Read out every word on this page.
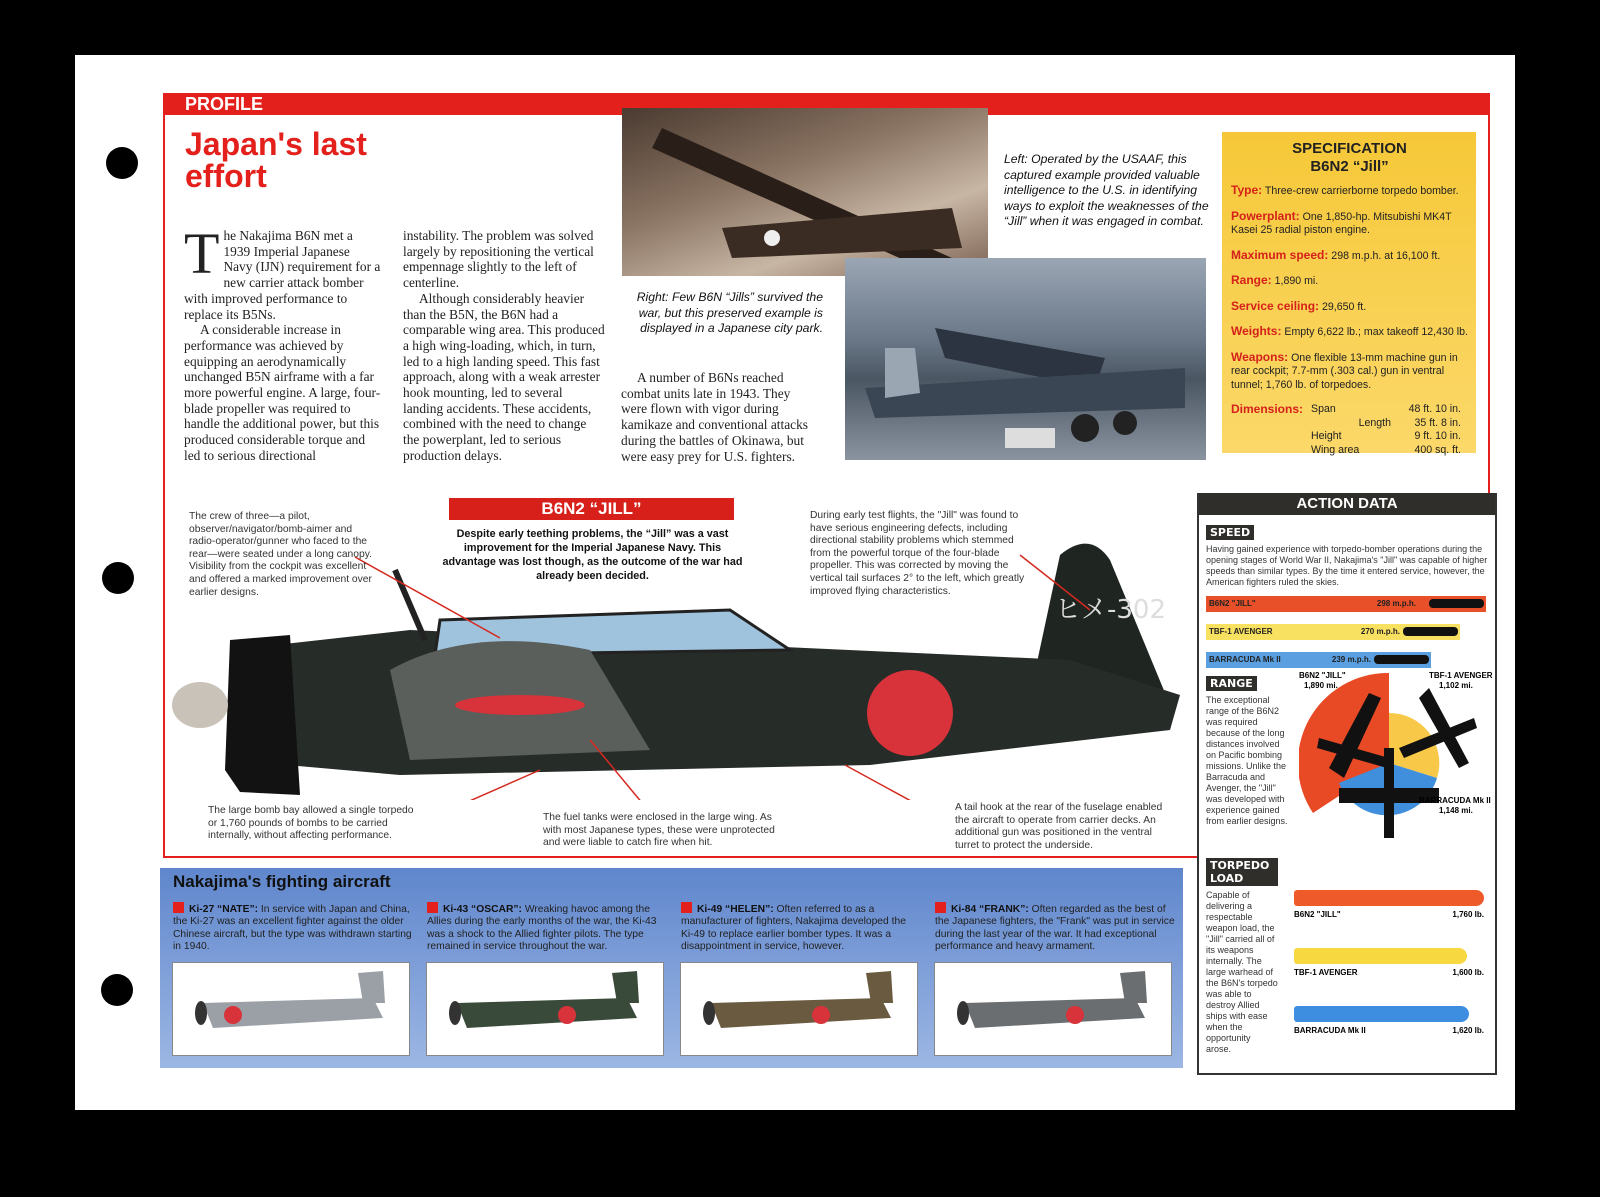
PROFILE
Japan's last
effort
The Nakajima B6N met a 1939 Imperial Japanese Navy (IJN) requirement for a new carrier attack bomber with improved performance to replace its B5Ns.

A considerable increase in performance was achieved by equipping an aerodynamically unchanged B5N airframe with a far more powerful engine. A large, four-blade propeller was required to handle the additional power, but this produced considerable torque and led to serious directional

instability. The problem was solved largely by repositioning the vertical empennage slightly to the left of centerline.

Although considerably heavier than the B5N, the B6N had a comparable wing area. This produced a high wing-loading, which, in turn, led to a high landing speed. This fast approach, along with a weak arrester hook mounting, led to several landing accidents. These accidents, combined with the need to change the powerplant, led to serious production delays.

A number of B6Ns reached combat units late in 1943. They were flown with vigor during kamikaze and conventional attacks during the battles of Okinawa, but were easy prey for U.S. fighters.

Left: Operated by the USAAF, this captured example provided valuable intelligence to the U.S. in identifying ways to exploit the weaknesses of the “Jill” when it was engaged in combat.
Right: Few B6N “Jills” survived the war, but this preserved example is displayed in a Japanese city park.
SPECIFICATION
B6N2 “Jill”
Type: Three-crew carrierborne torpedo bomber.
Powerplant: One 1,850-hp. Mitsubishi MK4T Kasei 25 radial piston engine.
Maximum speed: 298 m.p.h. at 16,100 ft.
Range: 1,890 mi.
Service ceiling: 29,650 ft.
Weights: Empty 6,622 lb.; max takeoff 12,430 lb.
Weapons: One flexible 13-mm machine gun in rear cockpit; 7.7-mm (.303 cal.) gun in ventral tunnel; 1,760 lb. of torpedoes.
Dimensions: Span	48 ft. 10 in.
Length	35 ft. 8 in.
Height	9 ft. 10 in.
Wing area	400 sq. ft.
B6N2 “JILL”
Despite early teething problems, the “Jill” was a vast improvement for the Imperial Japanese Navy. This advantage was lost though, as the outcome of the war had already been decided.
ヒメ-302
The crew of three—a pilot, observer/navigator/bomb-aimer and radio-operator/gunner who faced to the rear—were seated under a long canopy. Visibility from the cockpit was excellent and offered a marked improvement over earlier designs.
During early test flights, the "Jill" was found to have serious engineering defects, including directional stability problems which stemmed from the powerful torque of the four-blade propeller. This was corrected by moving the vertical tail surfaces 2° to the left, which greatly improved flying characteristics.
The large bomb bay allowed a single torpedo or 1,760 pounds of bombs to be carried internally, without affecting performance.
The fuel tanks were enclosed in the large wing. As with most Japanese types, these were unprotected and were liable to catch fire when hit.
A tail hook at the rear of the fuselage enabled the aircraft to operate from carrier decks. An additional gun was positioned in the ventral turret to protect the underside.
Nakajima's fighting aircraft
Ki-27 “NATE”: In service with Japan and China, the Ki-27 was an excellent fighter against the older Chinese aircraft, but the type was withdrawn starting in 1940.
Ki-43 “OSCAR”: Wreaking havoc among the Allies during the early months of the war, the Ki-43 was a shock to the Allied fighter pilots. The type remained in service throughout the war.
Ki-49 “HELEN”: Often referred to as a manufacturer of fighters, Nakajima developed the Ki-49 to replace earlier bomber types. It was a disappointment in service, however.
Ki-84 “FRANK”: Often regarded as the best of the Japanese fighters, the "Frank" was put in service during the last year of the war. It had exceptional performance and heavy armament.
ACTION DATA
SPEED
Having gained experience with torpedo-bomber operations during the opening stages of World War II, Nakajima's "Jill" was capable of higher speeds than similar types. By the time it entered service, however, the American fighters ruled the skies.
B6N2 "JILL"	298 m.p.h.
TBF-1 AVENGER	270 m.p.h.
BARRACUDA Mk II	239 m.p.h.
RANGE
The exceptional range of the B6N2 was required because of the long distances involved on Pacific bombing missions. Unlike the Barracuda and Avenger, the "Jill" was developed with experience gained from earlier designs.
B6N2 "JILL"
1,890 mi.
TBF-1 AVENGER
1,102 mi.
BARRACUDA Mk II
1,148 mi.
TORPEDO LOAD
Capable of delivering a respectable weapon load, the "Jill" carried all of its weapons internally. The large warhead of the B6N's torpedo was able to destroy Allied ships with ease when the opportunity arose.
B6N2 "JILL"	1,760 lb.
TBF-1 AVENGER	1,600 lb.
BARRACUDA Mk II	1,620 lb.
